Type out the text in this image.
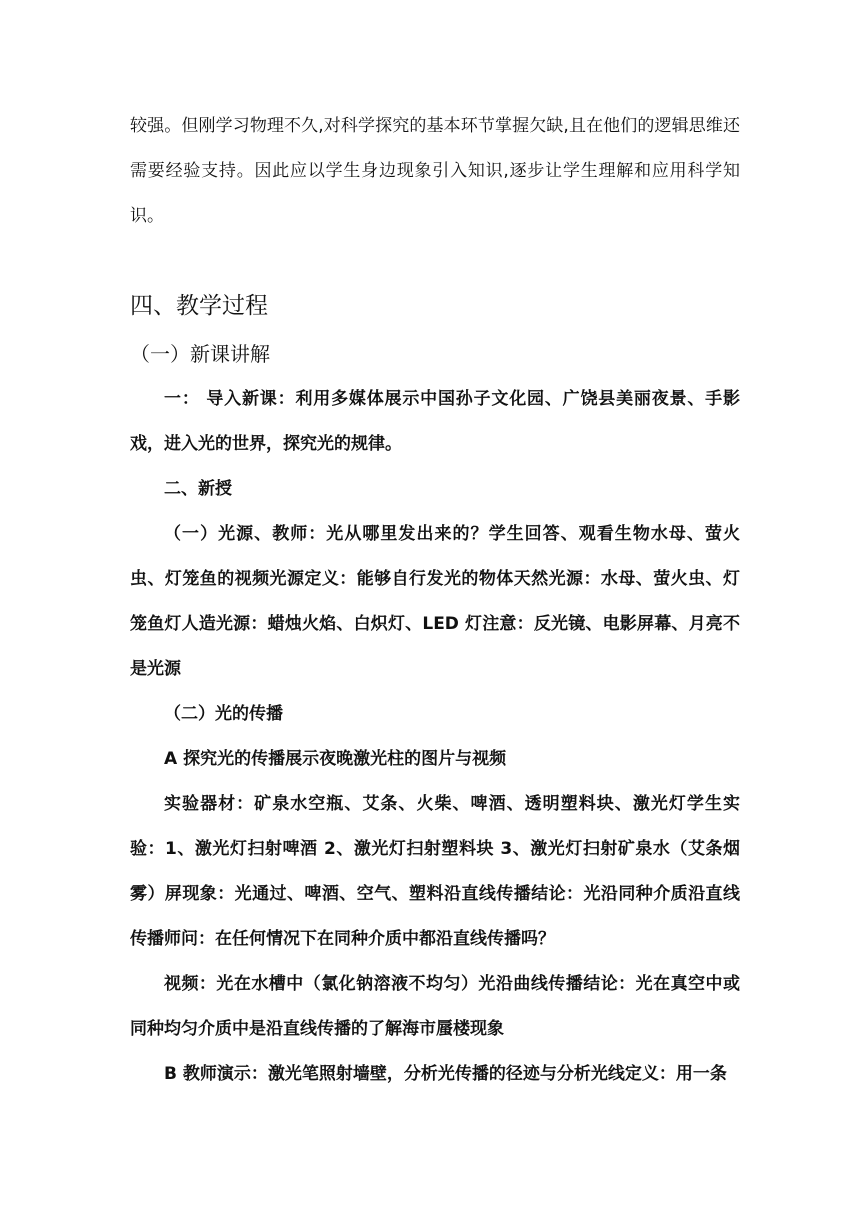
较强。但刚学习物理不久,对科学探究的基本环节掌握欠缺,且在他们的逻辑思维还需要经验支持。因此应以学生身边现象引入知识,逐步让学生理解和应用科学知识。

四、教学过程
（一）新课讲解

一： 导入新课：利用多媒体展示中国孙子文化园、广饶县美丽夜景、手影戏，进入光的世界，探究光的规律。

二、新授

（一）光源、教师：光从哪里发出来的？学生回答、观看生物水母、萤火虫、灯笼鱼的视频光源定义：能够自行发光的物体天然光源：水母、萤火虫、灯笼鱼灯人造光源：蜡烛火焰、白炽灯、LED 灯注意：反光镜、电影屏幕、月亮不是光源

（二）光的传播

A 探究光的传播展示夜晚激光柱的图片与视频

实验器材：矿泉水空瓶、艾条、火柴、啤酒、透明塑料块、激光灯学生实验：1、激光灯扫射啤酒 2、激光灯扫射塑料块 3、激光灯扫射矿泉水（艾条烟雾）屏现象：光通过、啤酒、空气、塑料沿直线传播结论：光沿同种介质沿直线传播师问：在任何情况下在同种介质中都沿直线传播吗？

视频：光在水槽中（氯化钠溶液不均匀）光沿曲线传播结论：光在真空中或同种均匀介质中是沿直线传播的了解海市蜃楼现象

B 教师演示：激光笔照射墙壁，分析光传播的径迹与分析光线定义：用一条
